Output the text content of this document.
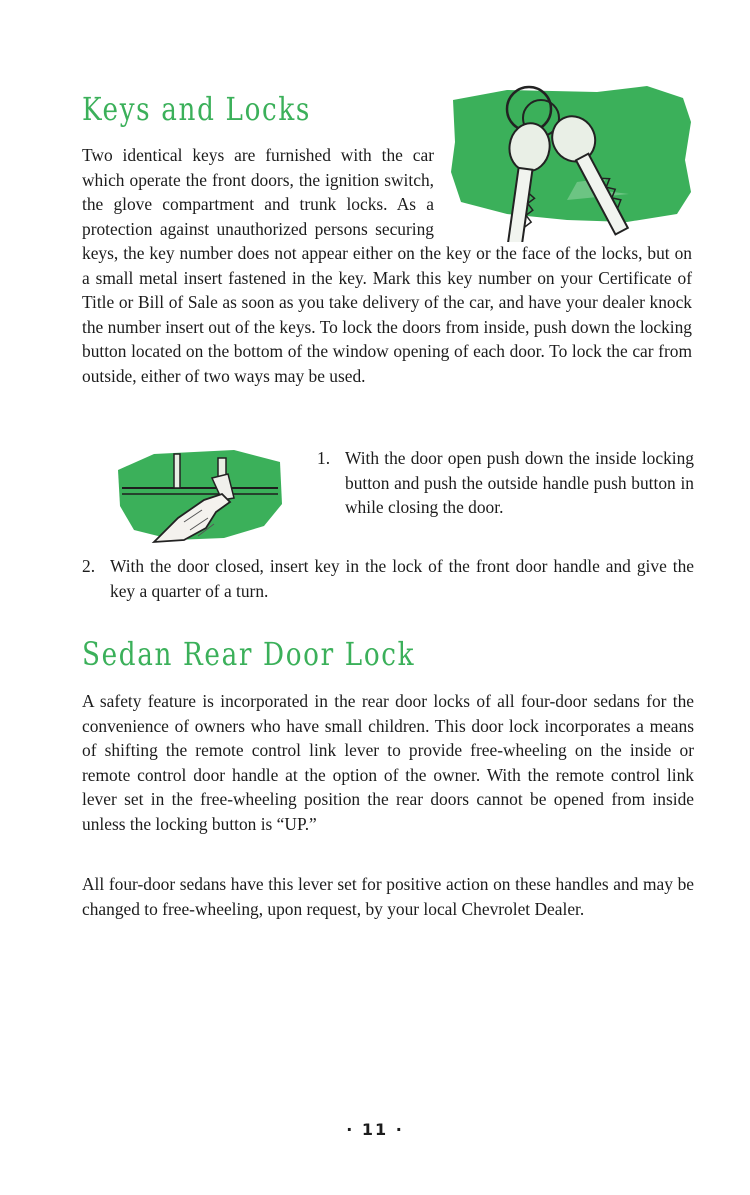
Keys and Locks
Two identical keys are furnished with the car which operate the front doors, the ignition switch, the glove compartment and trunk locks. As a protection against unauthorized persons securing keys, the key number does not appear either on the key or the face of the locks, but on a small metal insert fastened in the key. Mark this key number on your Certificate of Title or Bill of Sale as soon as you take delivery of the car, and have your dealer knock the number insert out of the keys. To lock the doors from inside, push down the locking button located on the bottom of the window opening of each door. To lock the car from outside, either of two ways may be used.
1. With the door open push down the inside locking button and push the outside handle push button in while closing the door.
2. With the door closed, insert key in the lock of the front door handle and give the key a quarter of a turn.
Sedan Rear Door Lock

A safety feature is incorporated in the rear door locks of all four-door sedans for the convenience of owners who have small children. This door lock incorporates a means of shifting the remote control link lever to provide free-wheeling on the inside or remote control door handle at the option of the owner. With the remote control link lever set in the free-wheeling position the rear doors cannot be opened from inside unless the locking button is “UP.”

All four-door sedans have this lever set for positive action on these handles and may be changed to free-wheeling, upon request, by your local Chevrolet Dealer.

· 11 ·
